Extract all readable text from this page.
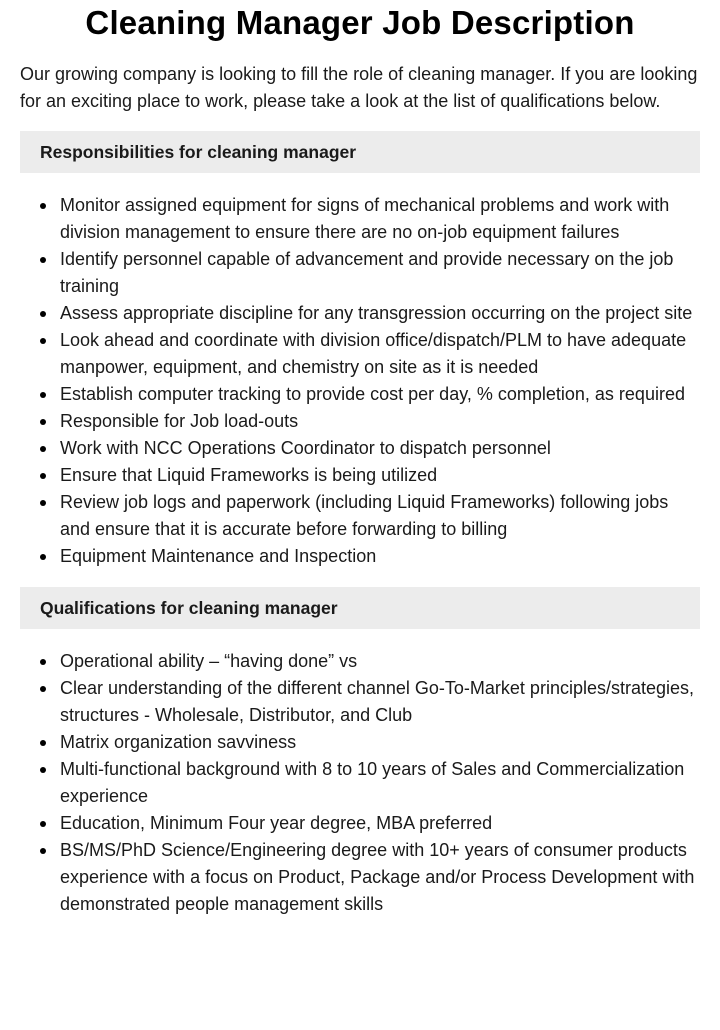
Cleaning Manager Job Description

Our growing company is looking to fill the role of cleaning manager. If you are looking for an exciting place to work, please take a look at the list of qualifications below.

Responsibilities for cleaning manager
Monitor assigned equipment for signs of mechanical problems and work with division management to ensure there are no on-job equipment failures
Identify personnel capable of advancement and provide necessary on the job training
Assess appropriate discipline for any transgression occurring on the project site
Look ahead and coordinate with division office/dispatch/PLM to have adequate manpower, equipment, and chemistry on site as it is needed
Establish computer tracking to provide cost per day, % completion, as required
Responsible for Job load-outs
Work with NCC Operations Coordinator to dispatch personnel
Ensure that Liquid Frameworks is being utilized
Review job logs and paperwork (including Liquid Frameworks) following jobs and ensure that it is accurate before forwarding to billing
Equipment Maintenance and Inspection
Qualifications for cleaning manager
Operational ability – “having done” vs
Clear understanding of the different channel Go-To-Market principles/strategies, structures - Wholesale, Distributor, and Club
Matrix organization savviness
Multi-functional background with 8 to 10 years of Sales and Commercialization experience
Education, Minimum Four year degree, MBA preferred
BS/MS/PhD Science/Engineering degree with 10+ years of consumer products experience with a focus on Product, Package and/or Process Development with demonstrated people management skills
